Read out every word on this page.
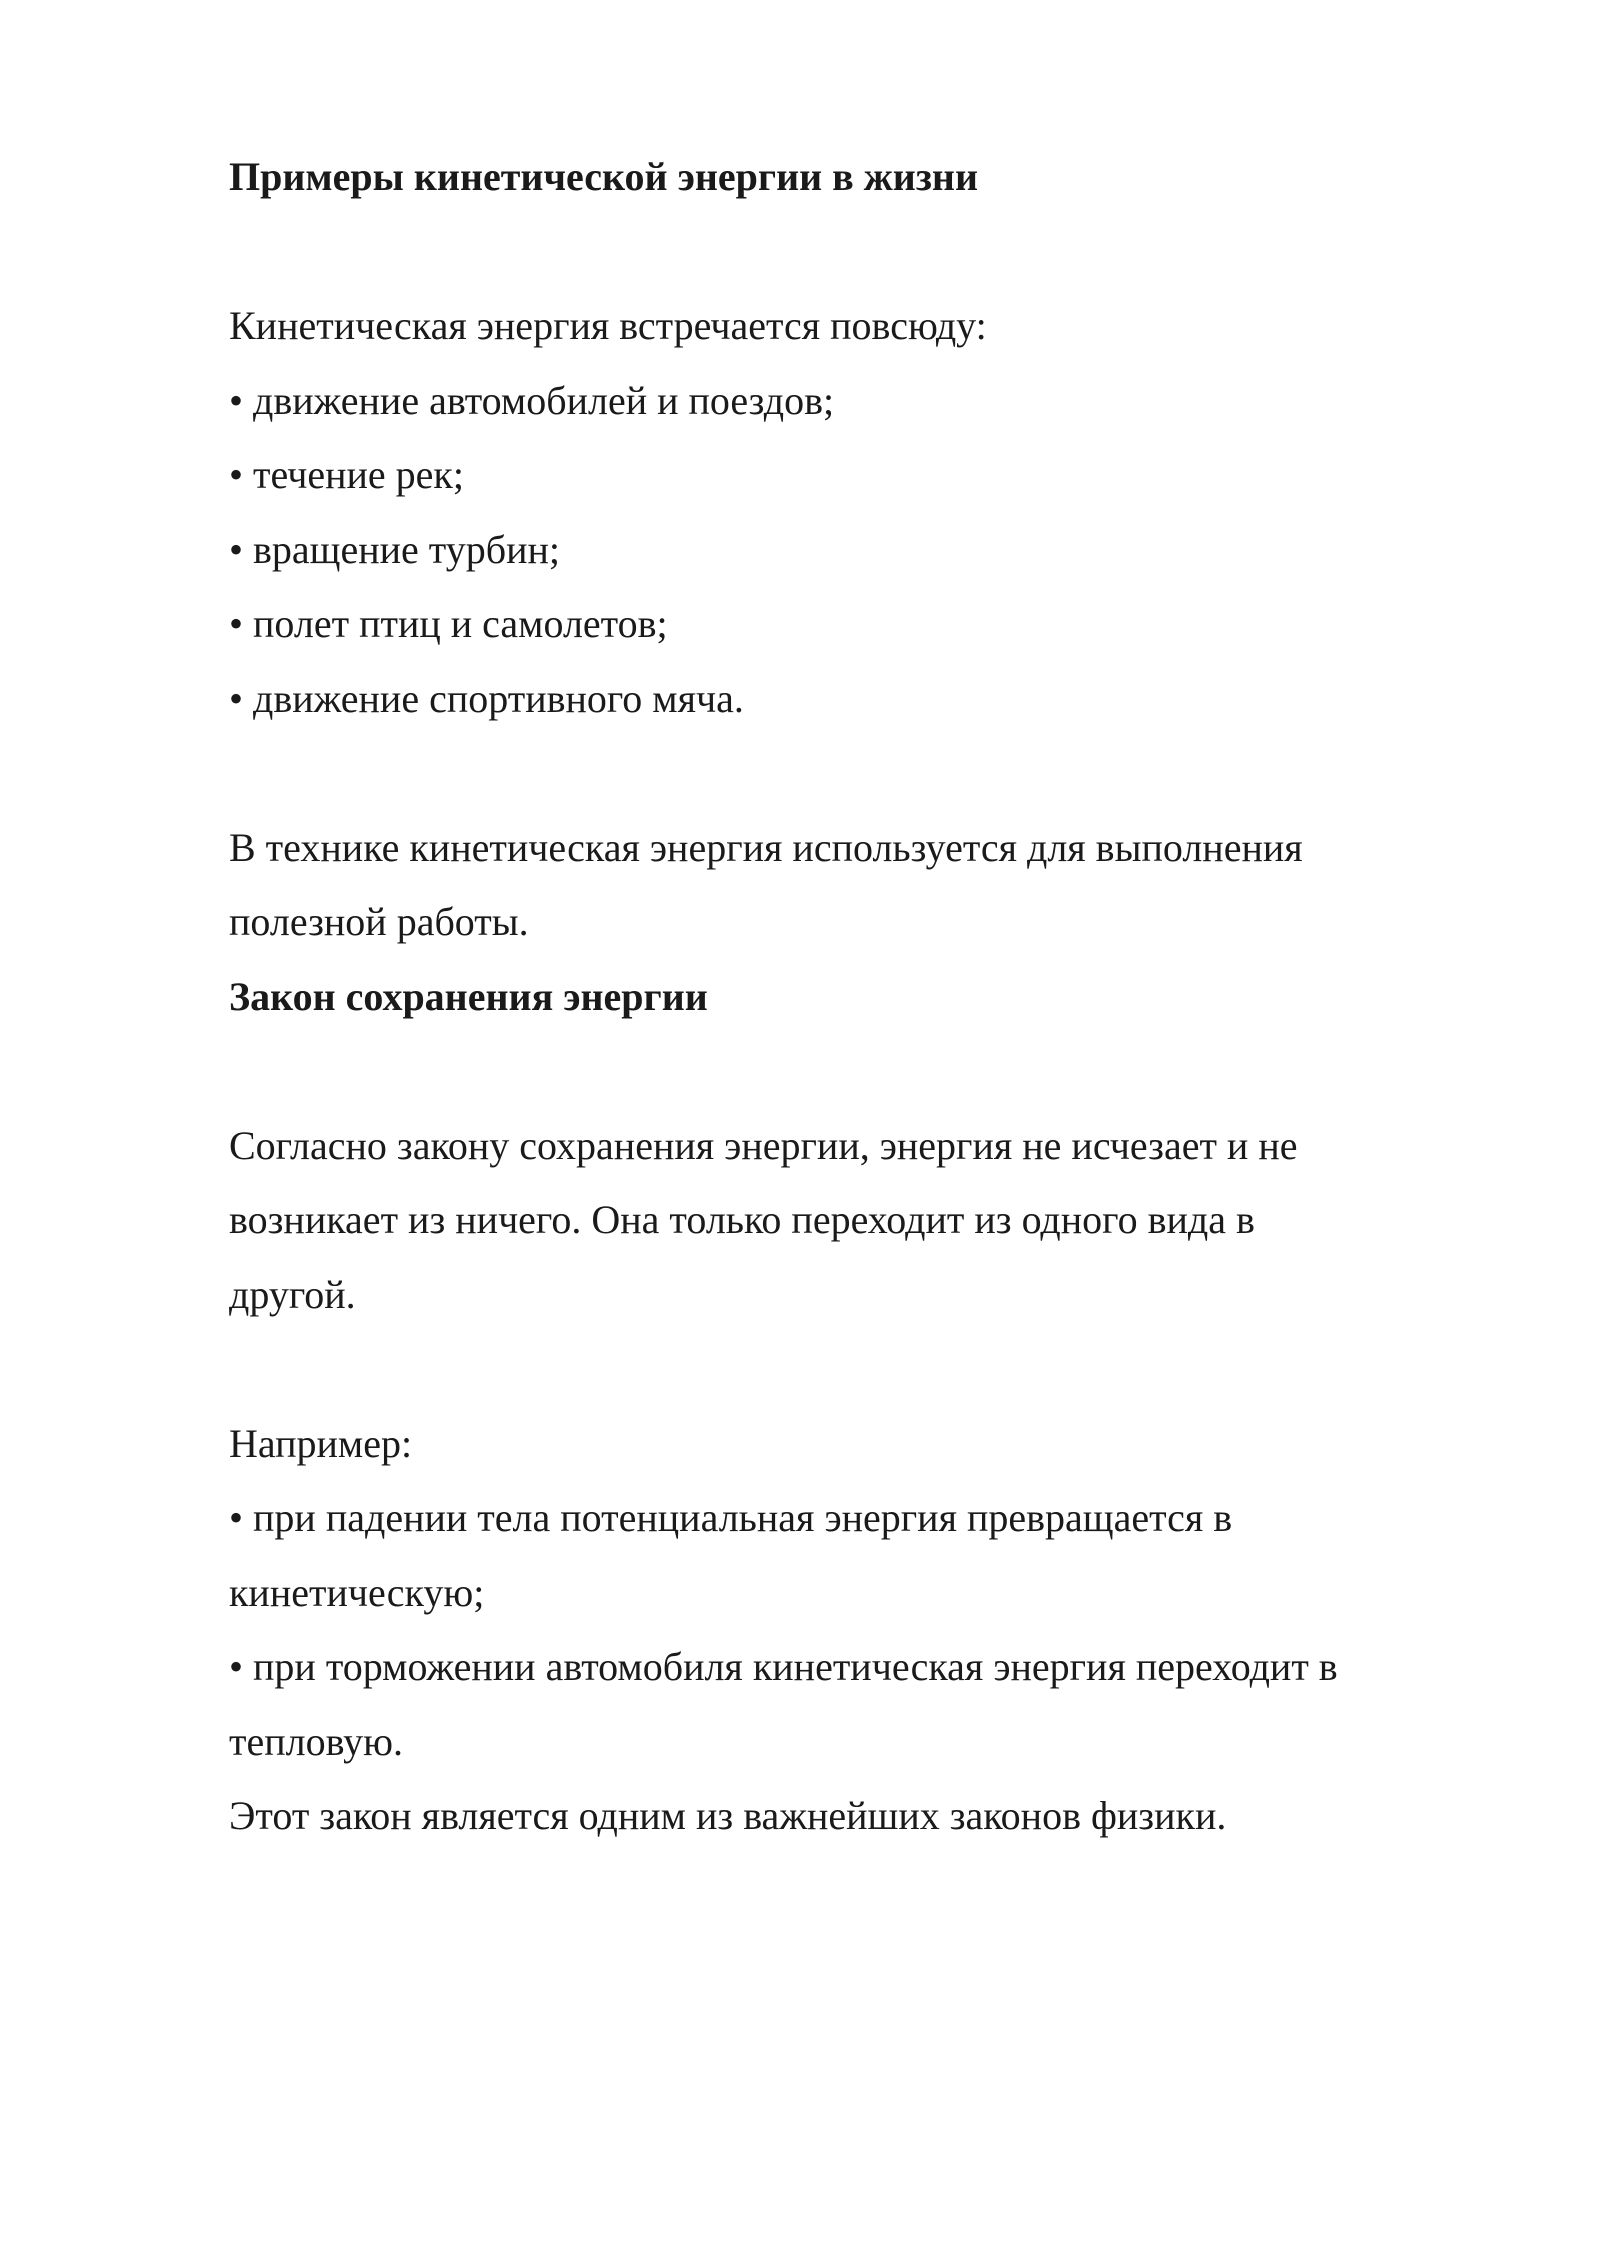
Примеры кинетической энергии в жизни
Кинетическая энергия встречается повсюду:
• движение автомобилей и поездов;
• течение рек;
• вращение турбин;
• полет птиц и самолетов;
• движение спортивного мяча.
В технике кинетическая энергия используется для выполнения
полезной работы.
Закон сохранения энергии
Согласно закону сохранения энергии, энергия не исчезает и не
возникает из ничего. Она только переходит из одного вида в
другой.
Например:
• при падении тела потенциальная энергия превращается в
кинетическую;
• при торможении автомобиля кинетическая энергия переходит в
тепловую.
Этот закон является одним из важнейших законов физики.
